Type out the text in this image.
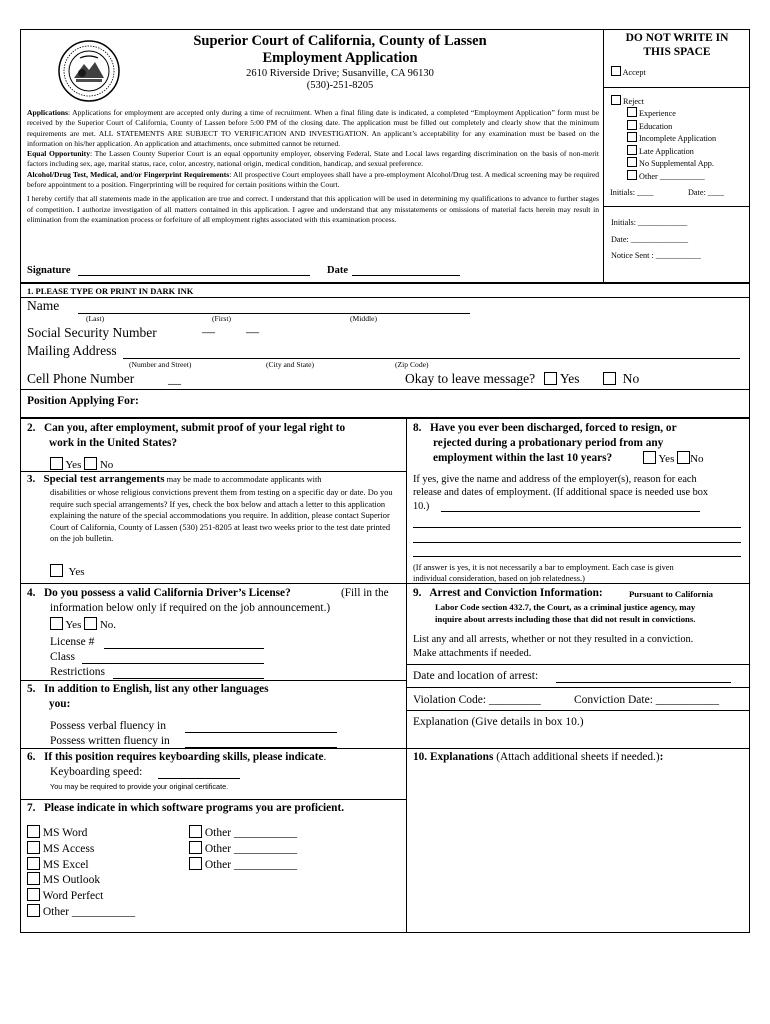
Superior Court of California, County of Lassen
Employment Application
2610 Riverside Drive; Susanville, CA 96130
(530)-251-8205
DO NOT WRITE IN
THIS SPACE
Accept
Reject
Experience
Education
Incomplete Application
Late Application
No Supplemental App.
Other ___________
Initials: ____	Date: ____
Initials: ____________
Date: ______________
Notice Sent : ___________
Applications: Applications for employment are accepted only during a time of recruitment. When a final filing date is indicated, a completed “Employment Application” form must be received by the Superior Court of California, County of Lassen before 5:00 PM of the closing date. The application must be filled out completely and clearly show that the minimum requirements are met. ALL STATEMENTS ARE SUBJECT TO VERIFICATION AND INVESTIGATION. An applicant’s acceptability for any examination must be based on the information on his/her application. An application and attachments, once submitted cannot be returned.
Equal Opportunity: The Lassen County Superior Court is an equal opportunity employer, observing Federal, State and Local laws regarding discrimination on the basis of non-merit factors including sex, age, marital status, race, color, ancestry, national origin, medical condition, handicap, and sexual preference.
Alcohol/Drug Test, Medical, and/or Fingerprint Requirements: All prospective Court employees shall have a pre-employment Alcohol/Drug test. A medical screening may be required before appointment to a position. Fingerprinting will be required for certain positions within the Court.
I hereby certify that all statements made in the application are true and correct. I understand that this application will be used in determining my qualifications to advance to further stages of competition. I authorize investigation of all matters contained in this application. I agree and understand that any misstatements or omissions of material facts herein may result in elimination from the examination process or forfeiture of all employment rights associated with this examination process.
Signature	Date
1. PLEASE TYPE OR PRINT IN DARK INK
Name
(Last)	(First)	(Middle)
Social Security Number	— —
Mailing Address
(Number and Street)	(City and State)	(Zip Code)
Cell Phone Number	__	Okay to leave message?	Yes	No
Position Applying For:
2. Can you, after employment, submit proof of your legal right to
work in the United States?
Yes No
3. Special test arrangements may be made to accommodate applicants with
disabilities or whose religious convictions prevent them from testing on a specific day or date. Do you require such special arrangements? If yes, check the box below and attach a letter to this application explaining the nature of the special accommodations you require. In addition, please contact Superior Court of California, County of Lassen (530) 251-8205 at least two weeks prior to the test date printed on the job bulletin.
Yes
4. Do you possess a valid California Driver’s License?	(Fill in the
information below only if required on the job announcement.)
Yes No.
License #
Class
Restrictions
5. In addition to English, list any other languages
you:
Possess verbal fluency in
Possess written fluency in
6. If this position requires keyboarding skills, please indicate.
Keyboarding speed:
You may be required to provide your original certificate.
7. Please indicate in which software programs you are proficient.
MS Word
MS Access
MS Excel
MS Outlook
Word Perfect
Other ___________
Other ___________
Other ___________
Other ___________
8. Have you ever been discharged, forced to resign, or
rejected during a probationary period from any
employment within the last 10 years?	Yes No
If yes, give the name and address of the employer(s), reason for each
release and dates of employment. (If additional space is needed use box
10.)
(If answer is yes, it is not necessarily a bar to employment. Each case is given
individual consideration, based on job relatedness.)
9. Arrest and Conviction Information:	Pursuant to California
Labor Code section 432.7, the Court, as a criminal justice agency, may
inquire about arrests including those that did not result in convictions.
List any and all arrests, whether or not they resulted in a conviction.
Make attachments if needed.
Date and location of arrest:
Violation Code: _________	Conviction Date: ___________
Explanation (Give details in box 10.)
10. Explanations (Attach additional sheets if needed.):
